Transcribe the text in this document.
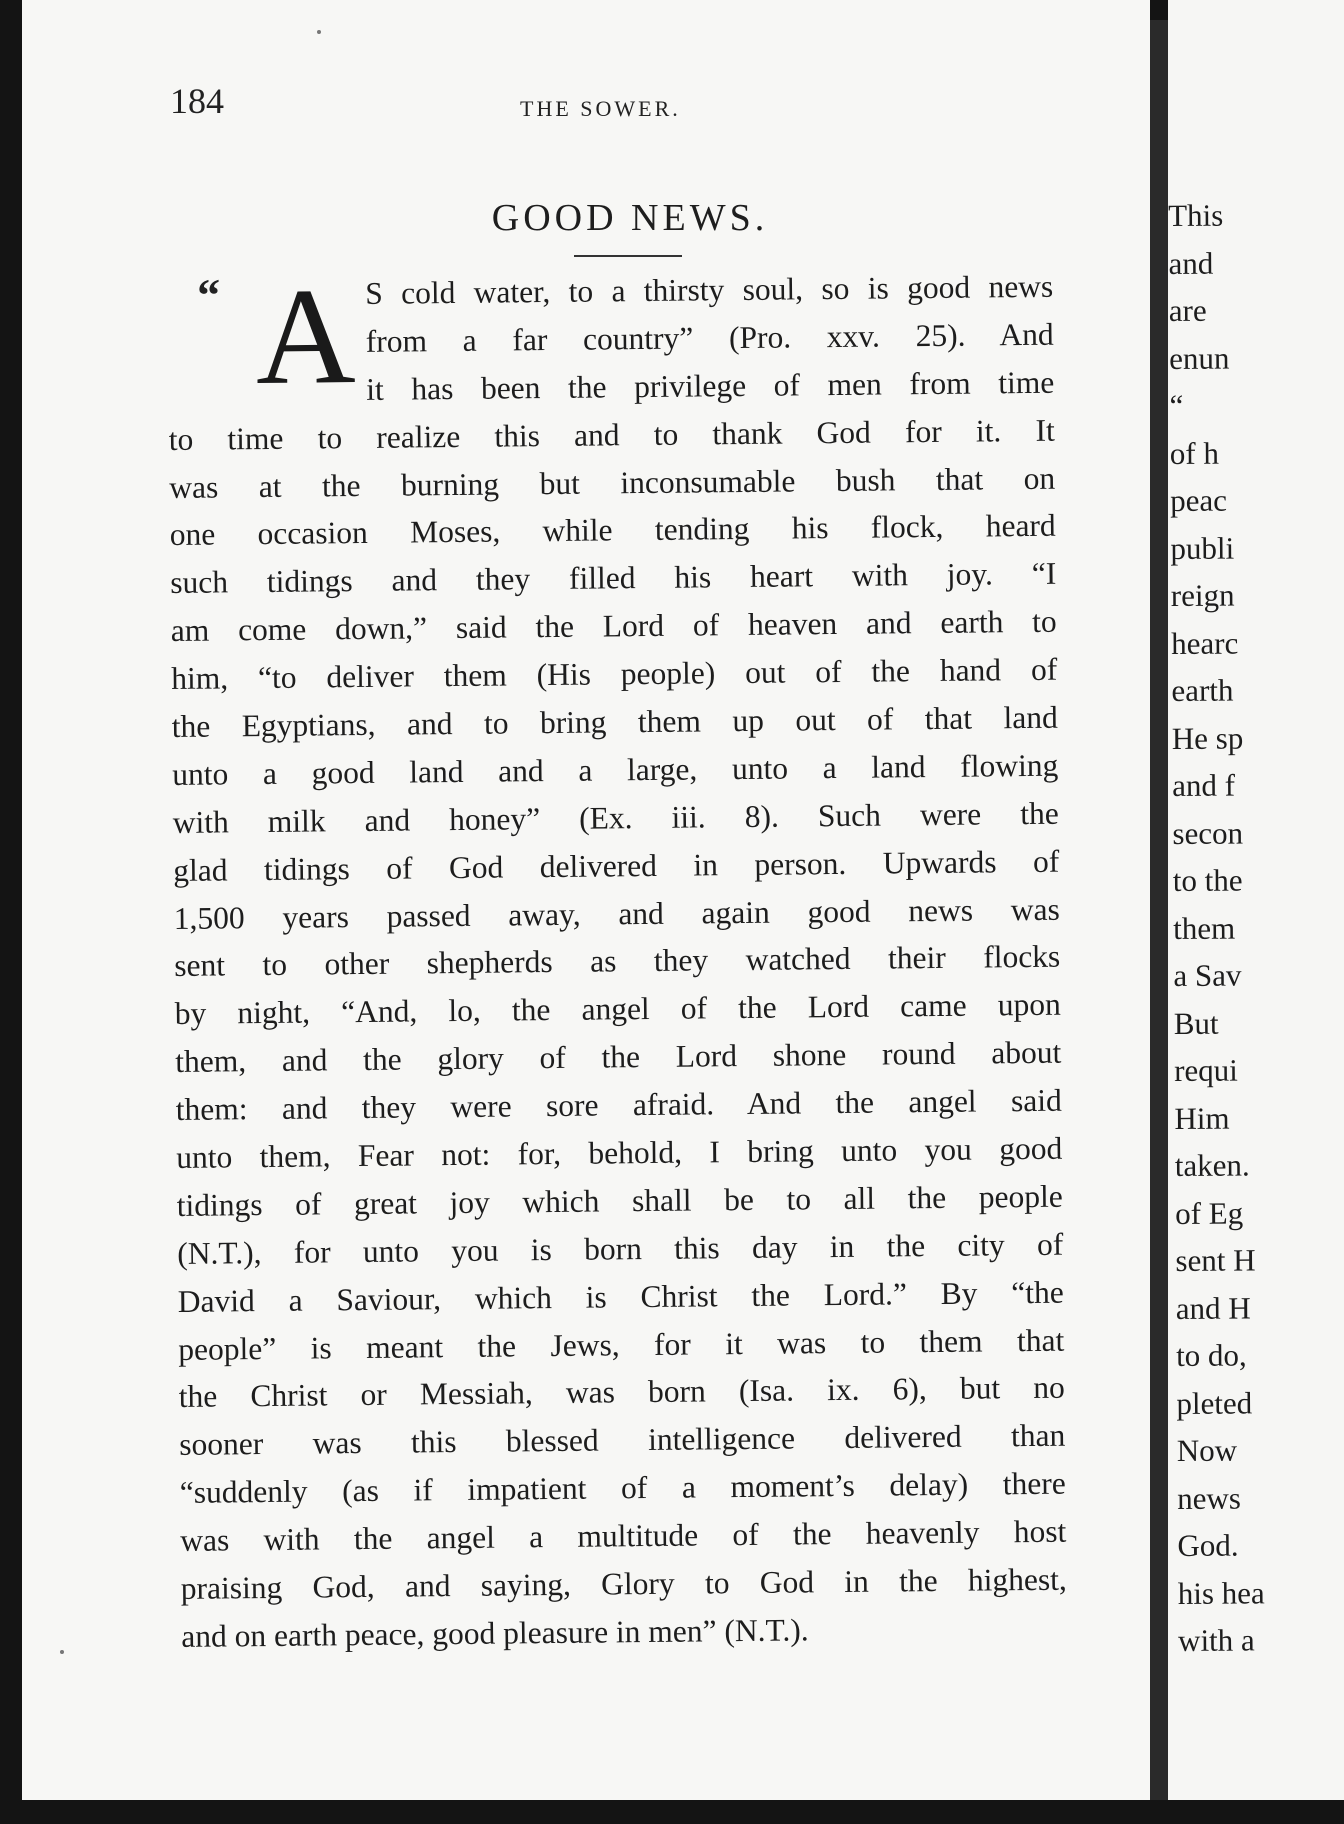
184	THE SOWER.
GOOD NEWS.
“ A S cold water, to a thirsty soul, so is good news
from a far country” (Pro. xxv. 25). And
it has been the privilege of men from time
to time to realize this and to thank God for it. It
was at the burning but inconsumable bush that on
one occasion Moses, while tending his flock, heard
such tidings and they filled his heart with joy. “I
am come down,” said the Lord of heaven and earth to
him, “to deliver them (His people) out of the hand of
the Egyptians, and to bring them up out of that land
unto a good land and a large, unto a land flowing
with milk and honey” (Ex. iii. 8). Such were the
glad tidings of God delivered in person. Upwards of
1,500 years passed away, and again good news was
sent to other shepherds as they watched their flocks
by night, “And, lo, the angel of the Lord came upon
them, and the glory of the Lord shone round about
them: and they were sore afraid. And the angel said
unto them, Fear not: for, behold, I bring unto you good
tidings of great joy which shall be to all the people
(N.T.), for unto you is born this day in the city of
David a Saviour, which is Christ the Lord.” By “the
people” is meant the Jews, for it was to them that
the Christ or Messiah, was born (Isa. ix. 6), but no
sooner was this blessed intelligence delivered than
“suddenly (as if impatient of a moment’s delay) there
was with the angel a multitude of the heavenly host
praising God, and saying, Glory to God in the highest,
and on earth peace, good pleasure in men” (N.T.).
This
and
are
enun
“
of h
peac
publi
reign
hearc
earth
He sp
and f
secon
to the
them
a Sav
But
requi
Him
taken.
of Eg
sent H
and H
to do,
pleted
Now
news
God.
his hea
with a
